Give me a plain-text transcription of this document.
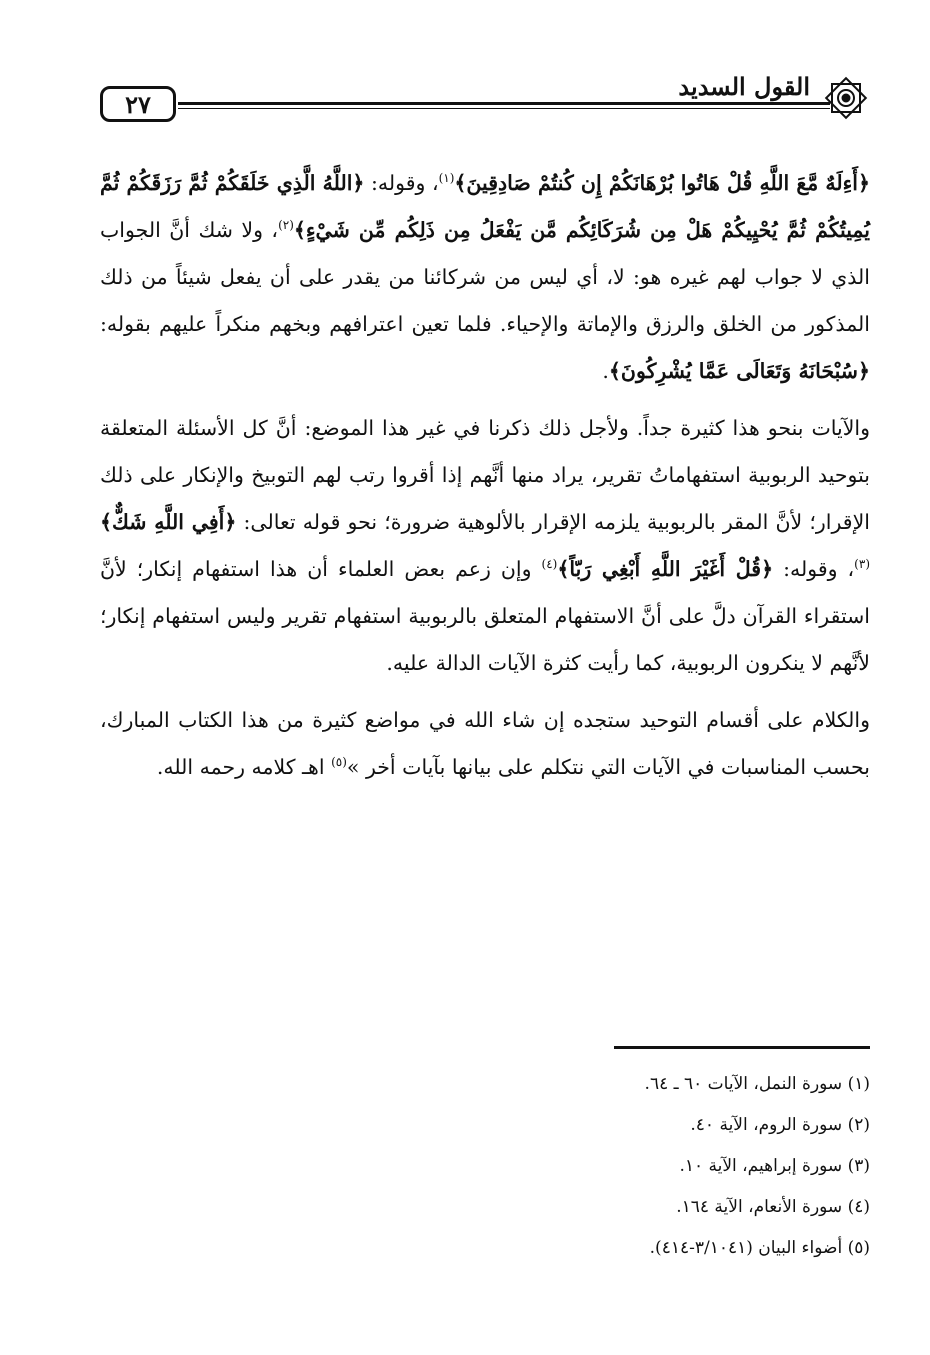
٢٧
القول السديد

﴿أَءِلَهٌ مَّعَ اللَّهِ قُلْ هَاتُوا بُرْهَانَكُمْ إِن كُنتُمْ صَادِقِينَ﴾$^{(١)}$، وقوله: ﴿اللَّهُ الَّذِي خَلَقَكُمْ ثُمَّ رَزَقَكُمْ ثُمَّ يُمِيتُكُمْ ثُمَّ يُحْيِيكُمْ هَلْ مِن شُرَكَائِكُم مَّن يَفْعَلُ مِن ذَلِكُم مِّن شَيْءٍ﴾$^{(٢)}$، ولا شك أنَّ الجواب الذي لا جواب لهم غيره هو: لا، أي ليس من شركائنا من يقدر على أن يفعل شيئاً من ذلك المذكور من الخلق والرزق والإماتة والإحياء. فلما تعين اعترافهم وبخهم منكراً عليهم بقوله: ﴿سُبْحَانَهُ وَتَعَالَى عَمَّا يُشْرِكُونَ﴾.

والآيات بنحو هذا كثيرة جداً. ولأجل ذلك ذكرنا في غير هذا الموضع: أنَّ كل الأسئلة المتعلقة بتوحيد الربوبية استفهاماتُ تقرير، يراد منها أنَّهم إذا أقروا رتب لهم التوبيخ والإنكار على ذلك الإقرار؛ لأنَّ المقر بالربوبية يلزمه الإقرار بالألوهية ضرورة؛ نحو قوله تعالى: ﴿أَفِي اللَّهِ شَكٌّ﴾$^{(٣)}$، وقوله: ﴿قُلْ أَغَيْرَ اللَّهِ أَبْغِي رَبّاً﴾$^{(٤)}$ وإن زعم بعض العلماء أن هذا استفهام إنكار؛ لأنَّ استقراء القرآن دلَّ على أنَّ الاستفهام المتعلق بالربوبية استفهام تقرير وليس استفهام إنكار؛ لأنَّهم لا ينكرون الربوبية، كما رأيت كثرة الآيات الدالة عليه.

والكلام على أقسام التوحيد ستجده إن شاء الله في مواضع كثيرة من هذا الكتاب المبارك، بحسب المناسبات في الآيات التي نتكلم على بيانها بآيات أخر »$^{(٥)}$ اهـ كلامه رحمه الله.

(١) سورة النمل، الآيات ٦٠ ـ ٦٤.
(٢) سورة الروم، الآية ٤٠.
(٣) سورة إبراهيم، الآية ١٠.
(٤) سورة الأنعام، الآية ١٦٤.
(٥) أضواء البيان (٣/١٠٤١-٤١٤).
